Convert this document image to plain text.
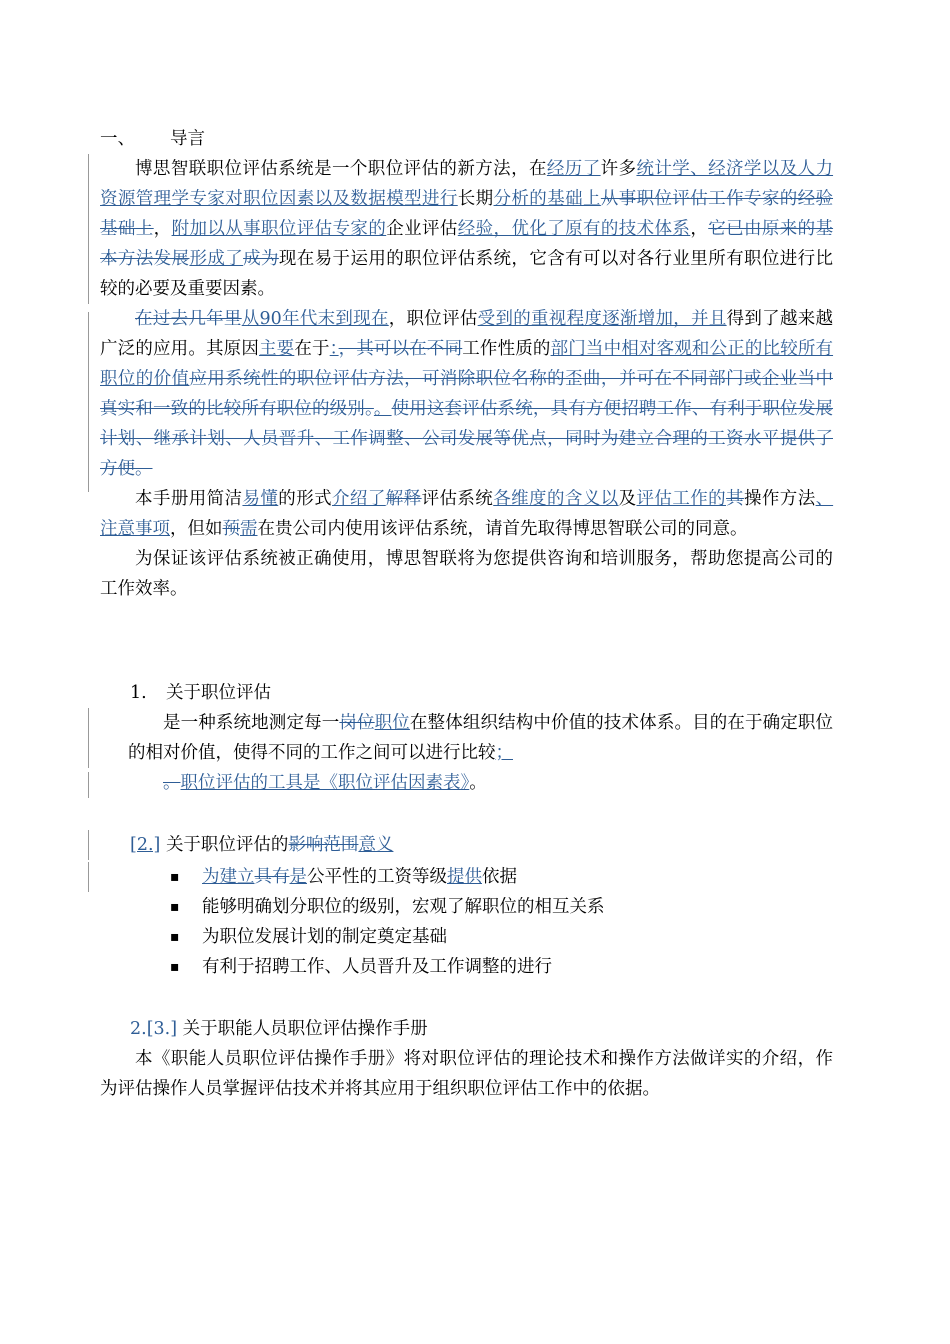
一、 导言

博思智联职位评估系统是一个职位评估的新方法，在经历了许多统计学、经济学以及人力资源管理学专家对职位因素以及数据模型进行长期分析的基础上从事职位评估工作专家的经验基础上，附加以从事职位评估专家的企业评估经验，优化了原有的技术体系，它已由原来的基本方法发展形成了成为现在易于运用的职位评估系统，它含有可以对各行业里所有职位进行比较的必要及重要因素。

在过去几年里从90年代末到现在，职位评估受到的重视程度逐渐增加，并且得到了越来越广泛的应用。其原因主要在于：，其可以在不同工作性质的部门当中相对客观和公正的比较所有职位的价值应用系统性的职位评估方法，可消除职位名称的歪曲，并可在不同部门或企业当中真实和一致的比较所有职位的级别。。使用这套评估系统，具有方便招聘工作、有利于职位发展计划、继承计划、人员晋升、工作调整、公司发展等优点，同时为建立合理的工资水平提供了方便。

本手册用简洁易懂的形式介绍了解释评估系统各维度的含义以及评估工作的其操作方法、注意事项，但如预需在贵公司内使用该评估系统，请首先取得博思智联公司的同意。

为保证该评估系统被正确使用，博思智联将为您提供咨询和培训服务，帮助您提高公司的工作效率。

1. 关于职位评估

是一种系统地测定每一岗位职位在整体组织结构中价值的技术体系。目的在于确定职位的相对价值，使得不同的工作之间可以进行比较；

。职位评估的工具是《职位评估因素表》。

[2.] 关于职位评估的影响范围意义
▪ 为建立具有是公平性的工资等级提供依据
▪ 能够明确划分职位的级别，宏观了解职位的相互关系
▪ 为职位发展计划的制定奠定基础
▪ 有利于招聘工作、人员晋升及工作调整的进行
2.[3.] 关于职能人员职位评估操作手册

本《职能人员职位评估操作手册》将对职位评估的理论技术和操作方法做详实的介绍，作为评估操作人员掌握评估技术并将其应用于组织职位评估工作中的依据。
